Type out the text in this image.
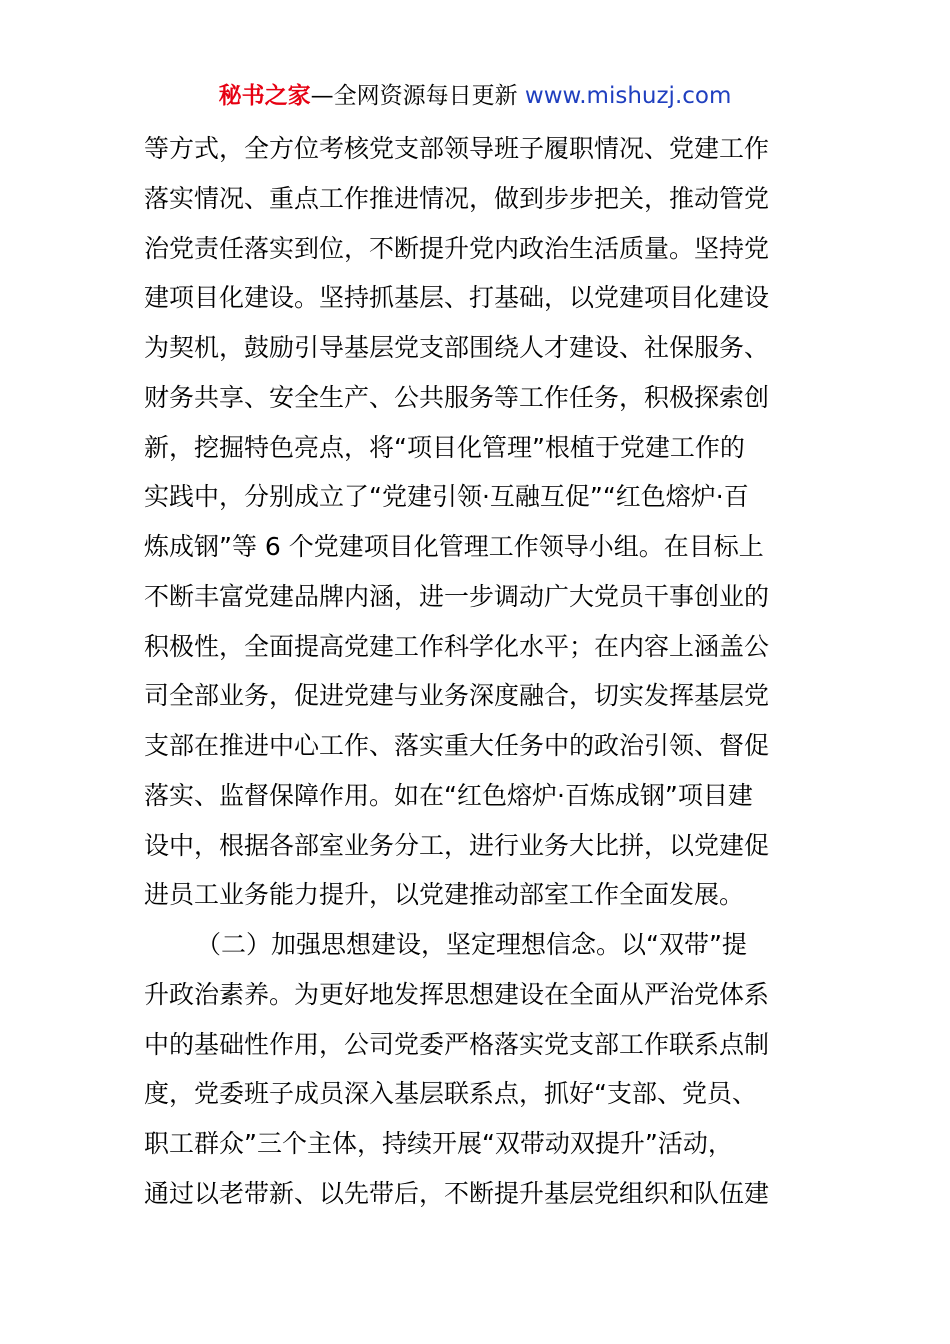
秘书之家—全网资源每日更新 www.mishuzj.com
等方式，全方位考核党支部领导班子履职情况、党建工作
落实情况、重点工作推进情况，做到步步把关，推动管党
治党责任落实到位，不断提升党内政治生活质量。坚持党
建项目化建设。坚持抓基层、打基础，以党建项目化建设
为契机，鼓励引导基层党支部围绕人才建设、社保服务、
财务共享、安全生产、公共服务等工作任务，积极探索创
新，挖掘特色亮点，将“项目化管理”根植于党建工作的
实践中，分别成立了“党建引领·互融互促”“红色熔炉·百
炼成钢”等 6 个党建项目化管理工作领导小组。在目标上
不断丰富党建品牌内涵，进一步调动广大党员干事创业的
积极性，全面提高党建工作科学化水平；在内容上涵盖公
司全部业务，促进党建与业务深度融合，切实发挥基层党
支部在推进中心工作、落实重大任务中的政治引领、督促
落实、监督保障作用。如在“红色熔炉·百炼成钢”项目建
设中，根据各部室业务分工，进行业务大比拼，以党建促
进员工业务能力提升，以党建推动部室工作全面发展。
（二）加强思想建设，坚定理想信念。以“双带”提
升政治素养。为更好地发挥思想建设在全面从严治党体系
中的基础性作用，公司党委严格落实党支部工作联系点制
度，党委班子成员深入基层联系点，抓好“支部、党员、
职工群众”三个主体，持续开展“双带动双提升”活动，
通过以老带新、以先带后，不断提升基层党组织和队伍建
